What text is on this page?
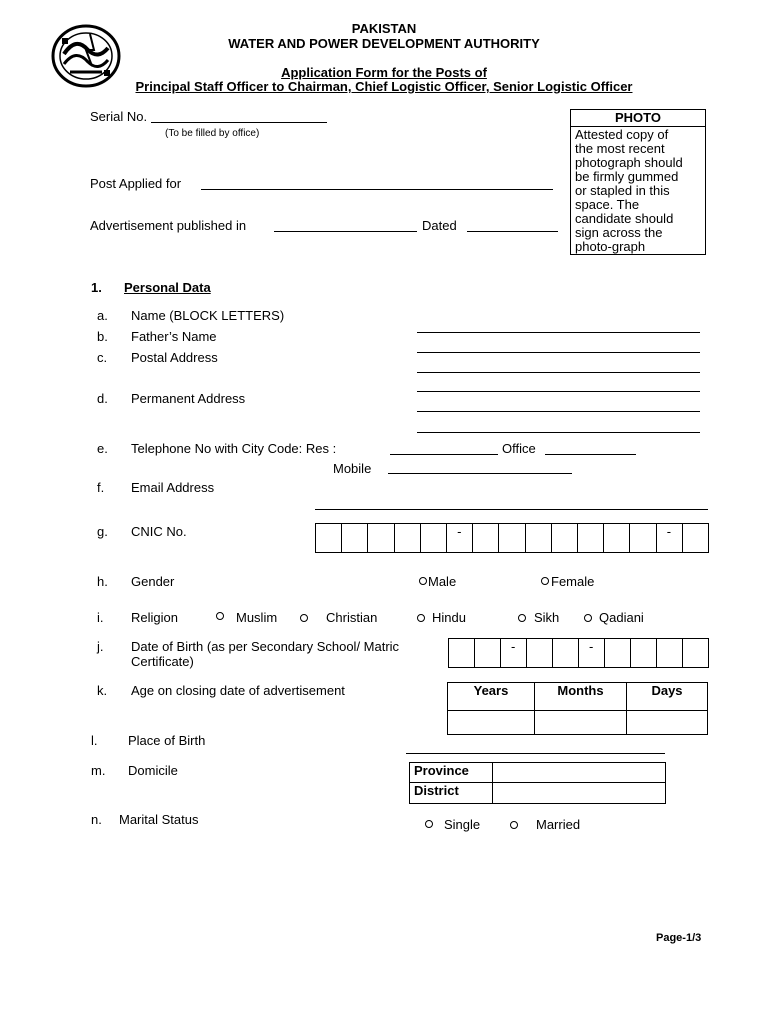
PAKISTAN
WATER AND POWER DEVELOPMENT AUTHORITY
Application Form for the Posts of
Principal Staff Officer to Chairman, Chief Logistic Officer, Senior Logistic Officer
Serial No.
(To be filled by office)
Post Applied for
Advertisement published in	Dated
PHOTO
Attested copy of
the most recent
photograph should
be firmly gummed
or stapled in this
space. The
candidate should
sign across the
photo-graph
1. Personal Data
a. Name (BLOCK LETTERS)
b. Father’s Name
c. Postal Address
d. Permanent Address
e. Telephone No with City Code: Res :	Office
Mobile
f. Email Address
g. CNIC No.	-	-
h. Gender	Male	Female
i. Religion	Muslim	Christian	Hindu	Sikh	Qadiani
j. Date of Birth (as per Secondary School/ Matric
Certificate)
-	-
k. Age on closing date of advertisement	Years	Months	Days

l. Place of Birth
m. Domicile	Province	
District	
n. Marital Status	Single	Married
Page-1/3
